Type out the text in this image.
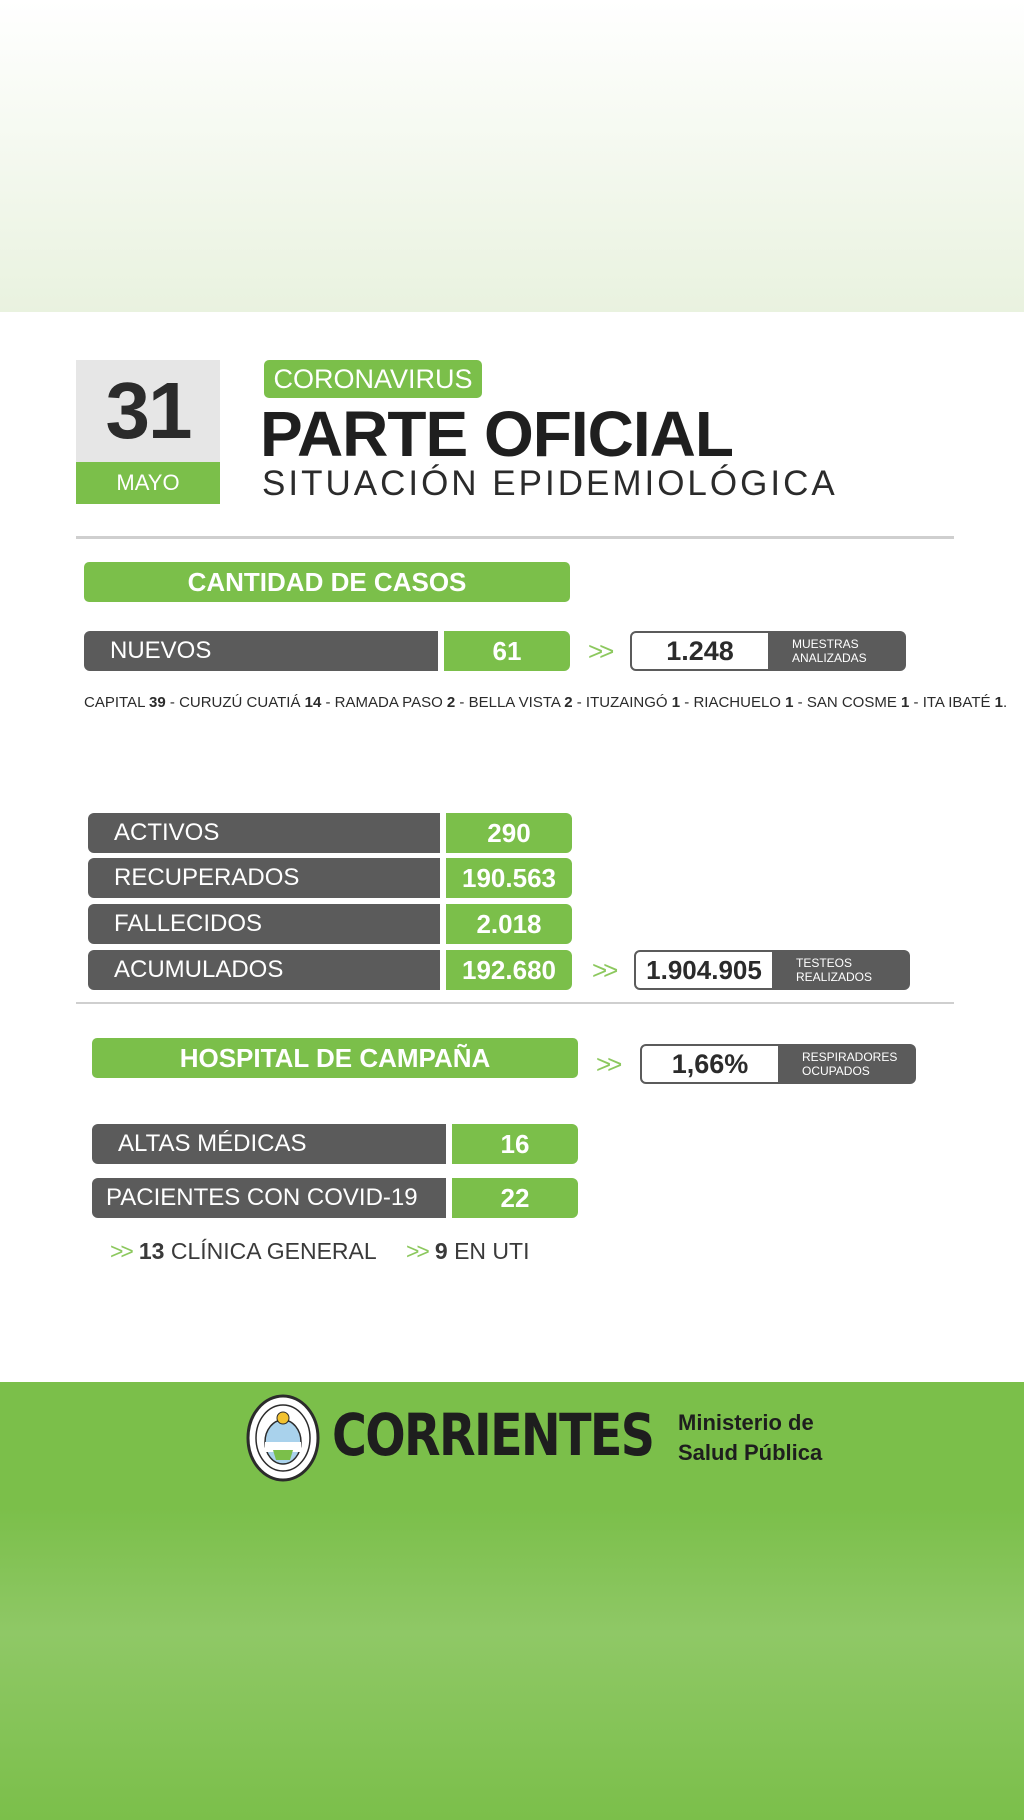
31
MAYO
CORONAVIRUS
PARTE OFICIAL
SITUACIÓN EPIDEMIOLÓGICA
CANTIDAD DE CASOS
NUEVOS	61	>>	1.248	MUESTRAS
ANALIZADAS
CAPITAL 39 - CURUZÚ CUATIÁ 14 - RAMADA PASO 2 - BELLA VISTA 2 - ITUZAINGÓ 1 - RIACHUELO 1 - SAN COSME 1 - ITA IBATÉ 1
ACTIVOS	290
RECUPERADOS	190.563
FALLECIDOS	2.018
ACUMULADOS	192.680	>>	1.904.905	TESTEOS
REALIZADOS
HOSPITAL DE CAMPAÑA	>>	1,66%	RESPIRADORES
OCUPADOS
ALTAS MÉDICAS	16
PACIENTES CON COVID-19	22
>> 13 CLÍNICA GENERAL >> 9 EN UTI
CORRIENTES Ministerio de
Salud Pública
